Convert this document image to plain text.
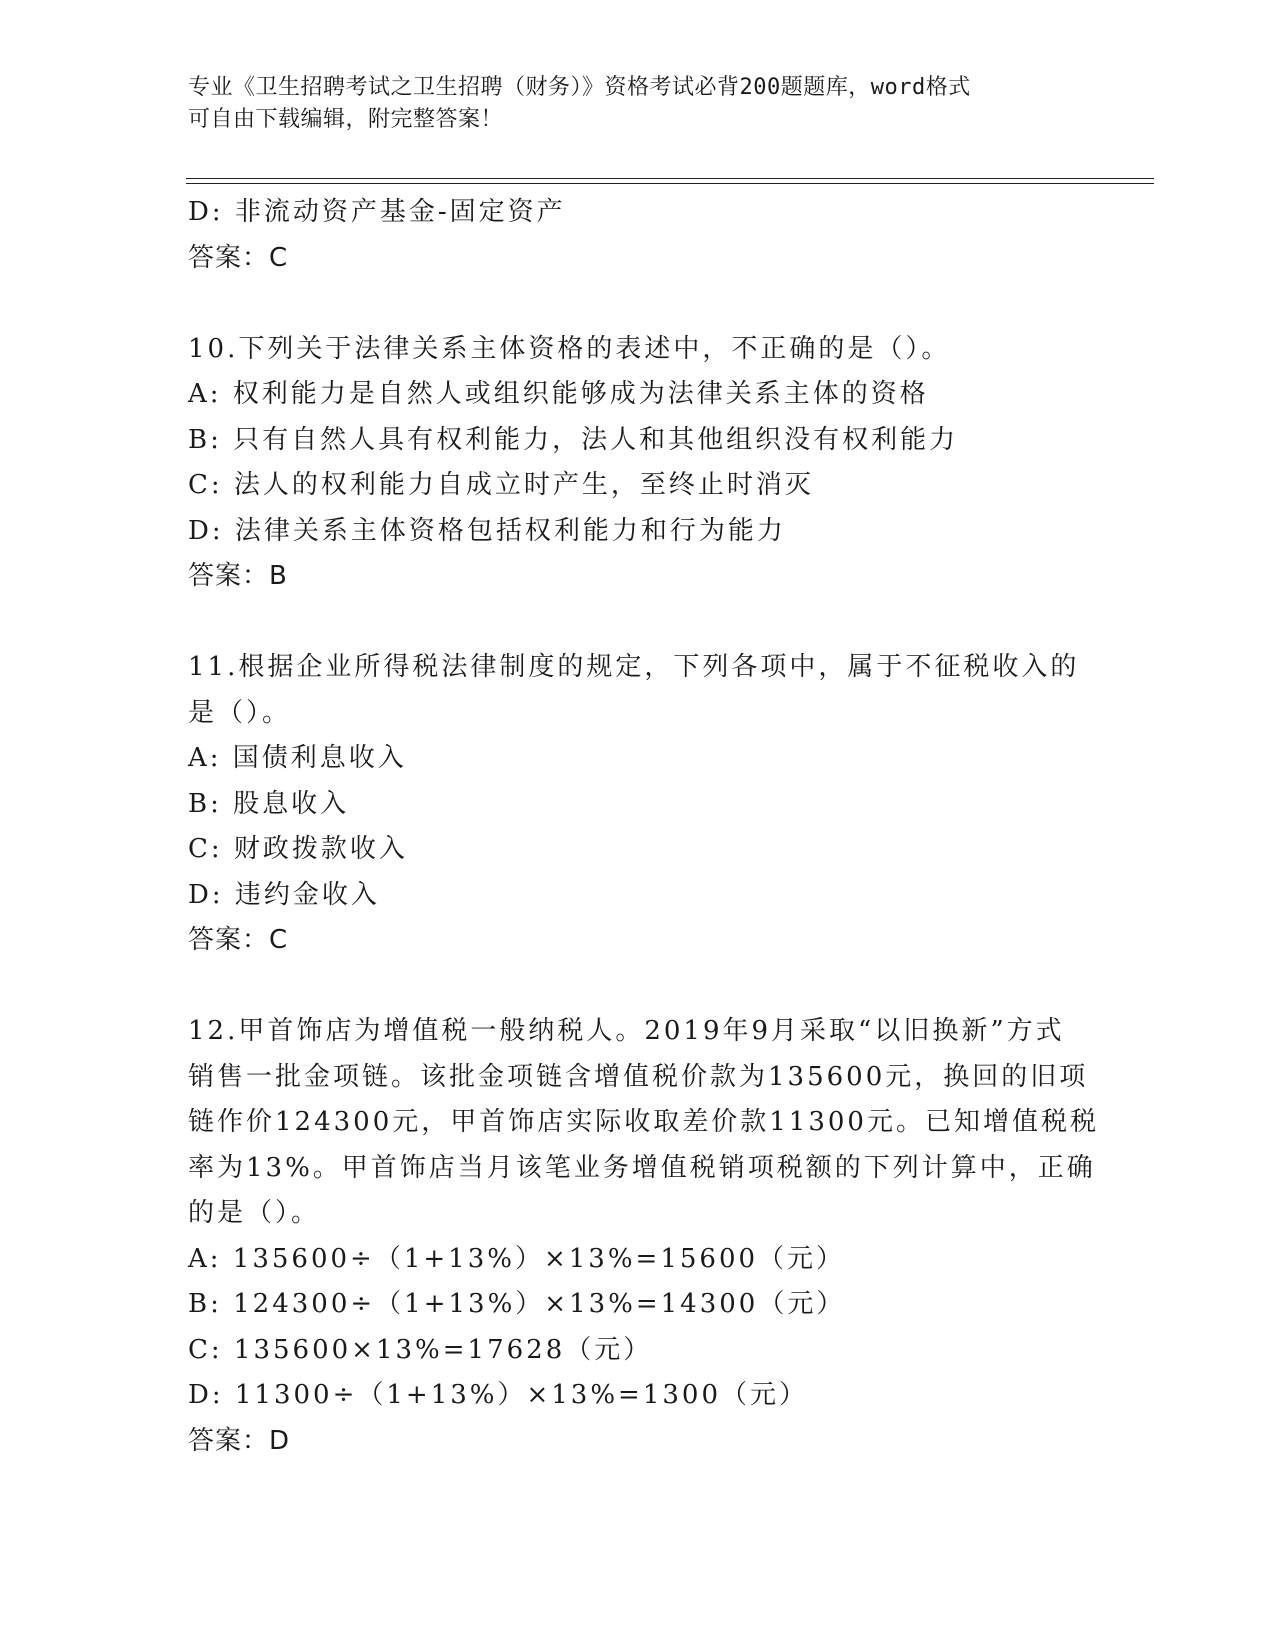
专业《卫生招聘考试之卫生招聘（财务）》资格考试必背200题题库，word格式
可自由下载编辑，附完整答案！
D: 非流动资产基金-固定资产
答案：C
10.下列关于法律关系主体资格的表述中，不正确的是（）。
A: 权利能力是自然人或组织能够成为法律关系主体的资格
B: 只有自然人具有权利能力，法人和其他组织没有权利能力
C: 法人的权利能力自成立时产生，至终止时消灭
D: 法律关系主体资格包括权利能力和行为能力
答案：B
11.根据企业所得税法律制度的规定，下列各项中，属于不征税收入的
是（）。
A: 国债利息收入
B: 股息收入
C: 财政拨款收入
D: 违约金收入
答案：C
12.甲首饰店为增值税一般纳税人。2019年9月采取“以旧换新”方式
销售一批金项链。该批金项链含增值税价款为135600元，换回的旧项
链作价124300元，甲首饰店实际收取差价款11300元。已知增值税税
率为13%。甲首饰店当月该笔业务增值税销项税额的下列计算中，正确
的是（）。
A: 135600÷（1+13%）×13%=15600（元）
B: 124300÷（1+13%）×13%=14300（元）
C: 135600×13%=17628（元）
D: 11300÷（1+13%）×13%=1300（元）
答案：D
